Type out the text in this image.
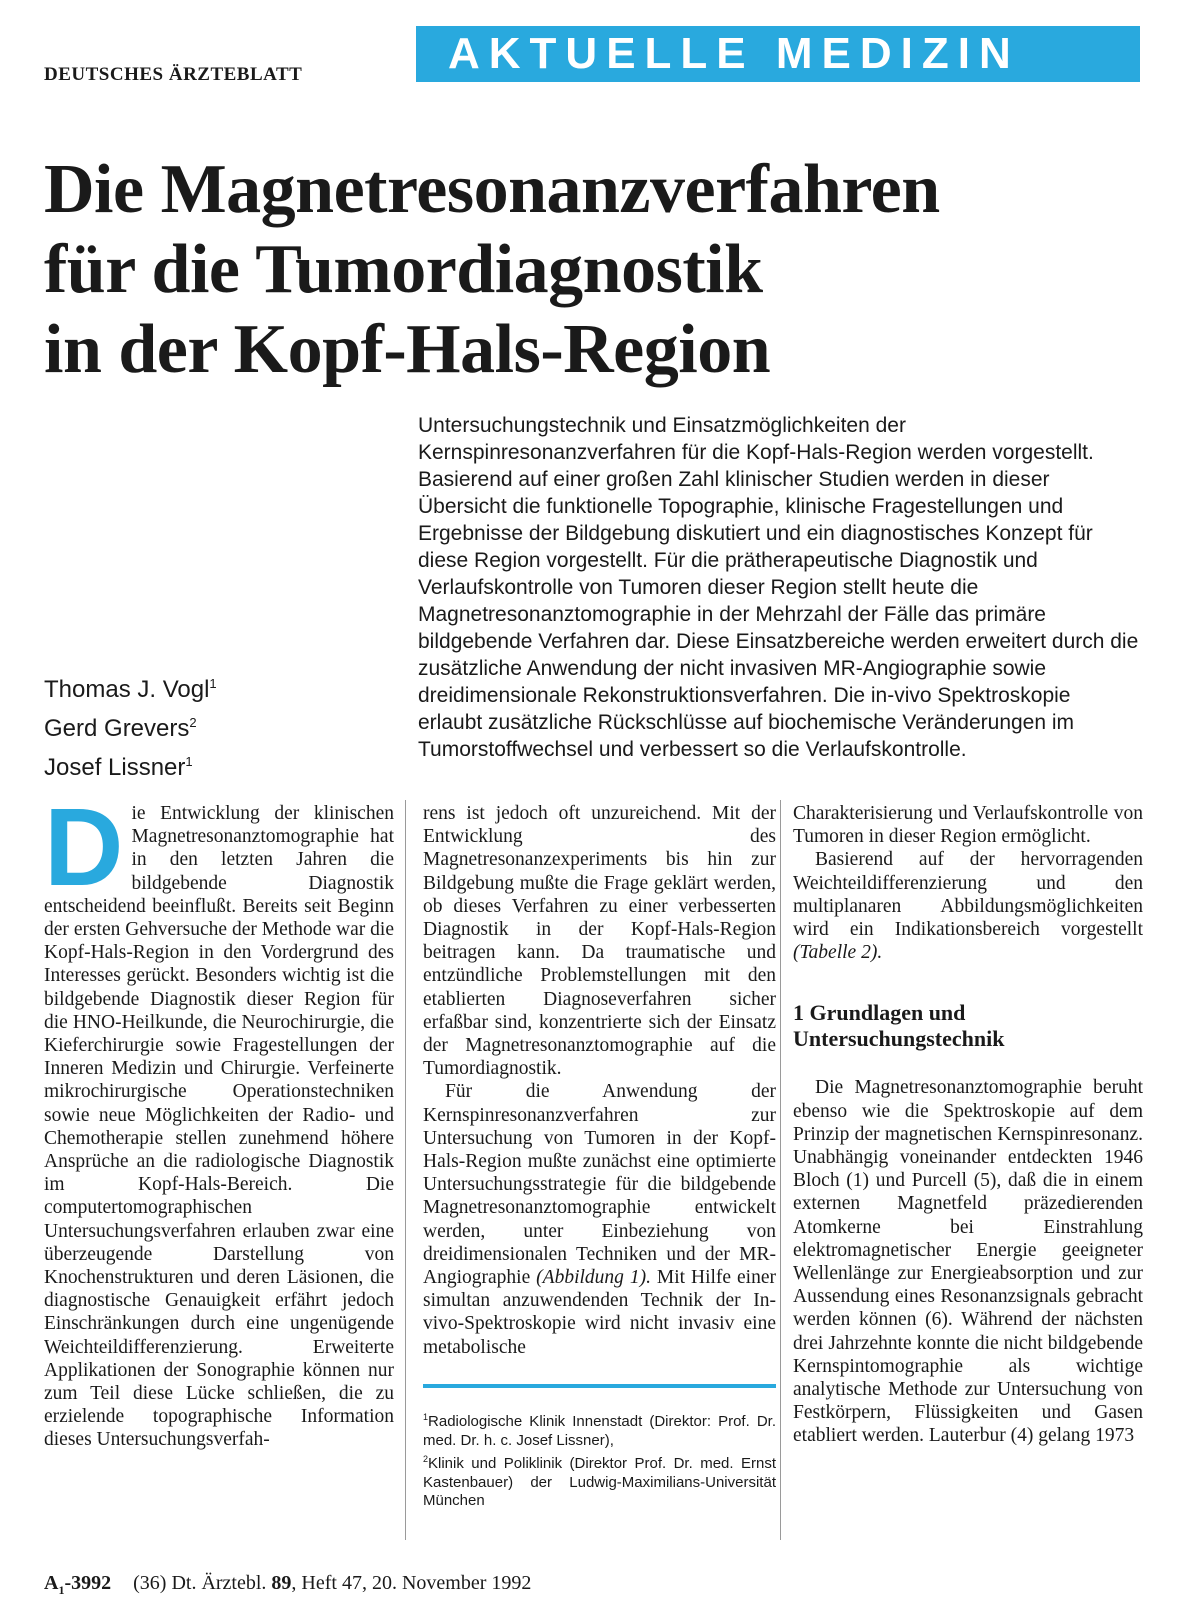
DEUTSCHES ÄRZTEBLATT	AKTUELLE MEDIZIN
Die Magnetresonanzverfahren
für die Tumordiagnostik
in der Kopf-Hals-Region

Untersuchungstechnik und Einsatzmöglichkeiten der Kernspinresonanzverfahren für die Kopf-Hals-Region werden vorgestellt. Basierend auf einer großen Zahl klinischer Studien werden in dieser Übersicht die funktionelle Topographie, klinische Fragestellungen und Ergebnisse der Bildgebung diskutiert und ein diagnostisches Konzept für diese Region vorgestellt. Für die prätherapeutische Diagnostik und Verlaufskontrolle von Tumoren dieser Region stellt heute die Magnetresonanztomographie in der Mehrzahl der Fälle das primäre bildgebende Verfahren dar. Diese Einsatzbereiche werden erweitert durch die zusätzliche Anwendung der nicht invasiven MR-Angiographie sowie dreidimensionale Rekonstruktionsverfahren. Die in-vivo Spektroskopie erlaubt zusätzliche Rückschlüsse auf biochemische Veränderungen im Tumorstoffwechsel und verbessert so die Verlaufskontrolle.

Thomas J. Vogl$^1$
Gerd Grevers$^2$
Josef Lissner$^1$
D ie Entwicklung der klinischen Magnetresonanztomographie hat in den letzten Jahren die bildgebende Diagnostik entscheidend beeinflußt. Bereits seit Beginn der ersten Gehversuche der Methode war die Kopf-Hals-Region in den Vordergrund des Interesses gerückt. Besonders wichtig ist die bildgebende Diagnostik dieser Region für die HNO-Heilkunde, die Neurochirurgie, die Kieferchirurgie sowie Fragestellungen der Inneren Medizin und Chirurgie. Verfeinerte mikrochirurgische Operationstechniken sowie neue Möglichkeiten der Radio- und Chemotherapie stellen zunehmend höhere Ansprüche an die radiologische Diagnostik im Kopf-Hals-Bereich. Die computertomographischen Untersuchungsverfahren erlauben zwar eine überzeugende Darstellung von Knochenstrukturen und deren Läsionen, die diagnostische Genauigkeit erfährt jedoch Einschränkungen durch eine ungenügende Weichteildifferenzierung. Erweiterte Applikationen der Sonographie können nur zum Teil diese Lücke schließen, die zu erzielende topographische Information dieses Untersuchungsverfah-

rens ist jedoch oft unzureichend. Mit der Entwicklung des Magnetresonanzexperiments bis hin zur Bildgebung mußte die Frage geklärt werden, ob dieses Verfahren zu einer verbesserten Diagnostik in der Kopf-Hals-Region beitragen kann. Da traumatische und entzündliche Problemstellungen mit den etablierten Diagnoseverfahren sicher erfaßbar sind, konzentrierte sich der Einsatz der Magnetresonanztomographie auf die Tumordiagnostik.

Für die Anwendung der Kernspinresonanzverfahren zur Untersuchung von Tumoren in der Kopf-Hals-Region mußte zunächst eine optimierte Untersuchungsstrategie für die bildgebende Magnetresonanztomographie entwickelt werden, unter Einbeziehung von dreidimensionalen Techniken und der MR-Angiographie (Abbildung 1). Mit Hilfe einer simultan anzuwendenden Technik der In-vivo-Spektroskopie wird nicht invasiv eine metabolische

$^1$Radiologische Klinik Innenstadt (Direktor: Prof. Dr. med. Dr. h. c. Josef Lissner),
$^2$Klinik und Poliklinik (Direktor Prof. Dr. med. Ernst Kastenbauer) der Ludwig-Maximilians-Universität München

Charakterisierung und Verlaufskontrolle von Tumoren in dieser Region ermöglicht.

Basierend auf der hervorragenden Weichteildifferenzierung und den multiplanaren Abbildungsmöglichkeiten wird ein Indikationsbereich vorgestellt (Tabelle 2).

1 Grundlagen und Untersuchungstechnik

Die Magnetresonanztomographie beruht ebenso wie die Spektroskopie auf dem Prinzip der magnetischen Kernspinresonanz. Unabhängig voneinander entdeckten 1946 Bloch (1) und Purcell (5), daß die in einem externen Magnetfeld präzedierenden Atomkerne bei Einstrahlung elektromagnetischer Energie geeigneter Wellenlänge zur Energieabsorption und zur Aussendung eines Resonanzsignals gebracht werden können (6). Während der nächsten drei Jahrzehnte konnte die nicht bildgebende Kernspintomographie als wichtige analytische Methode zur Untersuchung von Festkörpern, Flüssigkeiten und Gasen etabliert werden. Lauterbur (4) gelang 1973

$A_1-3992$ (36) Dt. Ärztebl. 89, Heft 47, 20. November 1992
